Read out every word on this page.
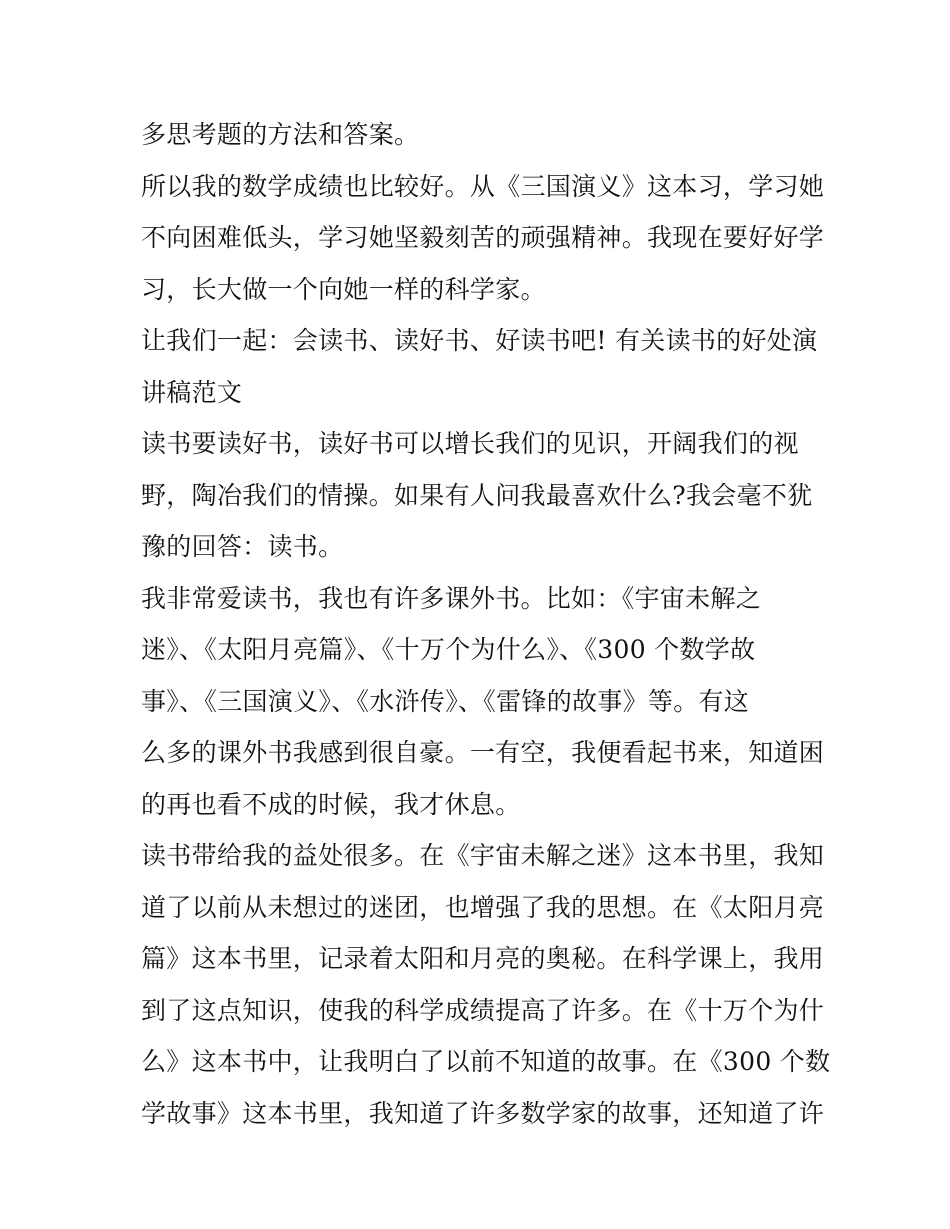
多思考题的方法和答案。
所以我的数学成绩也比较好。从《三国演义》这本习，学习她
不向困难低头，学习她坚毅刻苦的顽强精神。我现在要好好学
习，长大做一个向她一样的科学家。
让我们一起：会读书、读好书、好读书吧! 有关读书的好处演
讲稿范文
读书要读好书，读好书可以增长我们的见识，开阔我们的视
野，陶冶我们的情操。如果有人问我最喜欢什么?我会毫不犹
豫的回答：读书。
我非常爱读书，我也有许多课外书。比如：《宇宙未解之
迷》、《太阳月亮篇》、《十万个为什么》、《300 个数学故
事》、《三国演义》、《水浒传》、《雷锋的故事》等。有这
么多的课外书我感到很自豪。一有空，我便看起书来，知道困
的再也看不成的时候，我才休息。
读书带给我的益处很多。在《宇宙未解之迷》这本书里，我知
道了以前从未想过的迷团，也增强了我的思想。在《太阳月亮
篇》这本书里，记录着太阳和月亮的奥秘。在科学课上，我用
到了这点知识，使我的科学成绩提高了许多。在《十万个为什
么》这本书中，让我明白了以前不知道的故事。在《300 个数
学故事》这本书里，我知道了许多数学家的故事，还知道了许
